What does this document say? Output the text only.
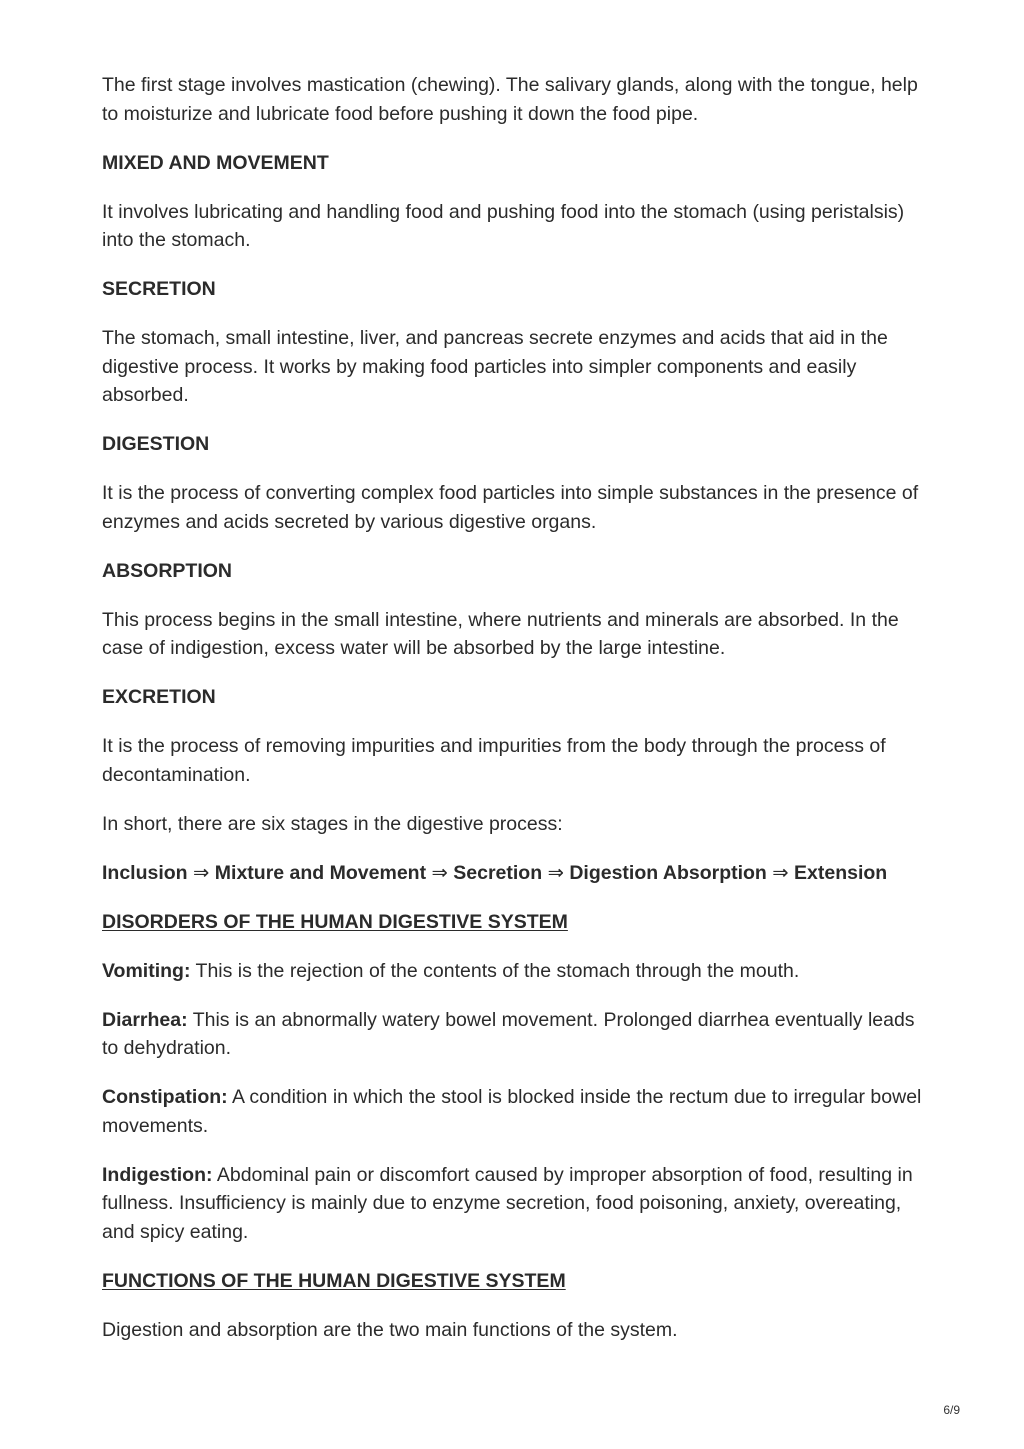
The first stage involves mastication (chewing). The salivary glands, along with the tongue, help to moisturize and lubricate food before pushing it down the food pipe.

MIXED AND MOVEMENT

It involves lubricating and handling food and pushing food into the stomach (using peristalsis) into the stomach.

SECRETION

The stomach, small intestine, liver, and pancreas secrete enzymes and acids that aid in the digestive process. It works by making food particles into simpler components and easily absorbed.

DIGESTION

It is the process of converting complex food particles into simple substances in the presence of enzymes and acids secreted by various digestive organs.

ABSORPTION

This process begins in the small intestine, where nutrients and minerals are absorbed. In the case of indigestion, excess water will be absorbed by the large intestine.

EXCRETION

It is the process of removing impurities and impurities from the body through the process of decontamination.

In short, there are six stages in the digestive process:

Inclusion ⇒ Mixture and Movement ⇒ Secretion ⇒ Digestion Absorption ⇒ Extension

DISORDERS OF THE HUMAN DIGESTIVE SYSTEM

Vomiting: This is the rejection of the contents of the stomach through the mouth.

Diarrhea: This is an abnormally watery bowel movement. Prolonged diarrhea eventually leads to dehydration.

Constipation: A condition in which the stool is blocked inside the rectum due to irregular bowel movements.

Indigestion: Abdominal pain or discomfort caused by improper absorption of food, resulting in fullness. Insufficiency is mainly due to enzyme secretion, food poisoning, anxiety, overeating, and spicy eating.

FUNCTIONS OF THE HUMAN DIGESTIVE SYSTEM

Digestion and absorption are the two main functions of the system.

6/9
